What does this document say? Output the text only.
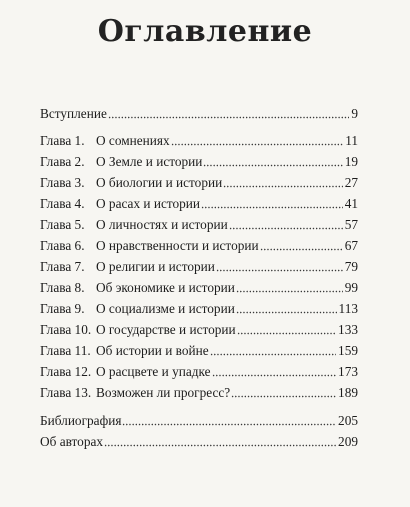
Оглавление
Вступление	9
Глава 1. О сомнениях	11
Глава 2. О Земле и истории	19
Глава 3. О биологии и истории	27
Глава 4. О расах и истории	41
Глава 5. О личностях и истории	57
Глава 6. О нравственности и истории	67
Глава 7. О религии и истории	79
Глава 8. Об экономике и истории	99
Глава 9. О социализме и истории	113
Глава 10. О государстве и истории	133
Глава 11. Об истории и войне	159
Глава 12. О расцвете и упадке	173
Глава 13. Возможен ли прогресс?	189
Библиография	205
Об авторах	209
